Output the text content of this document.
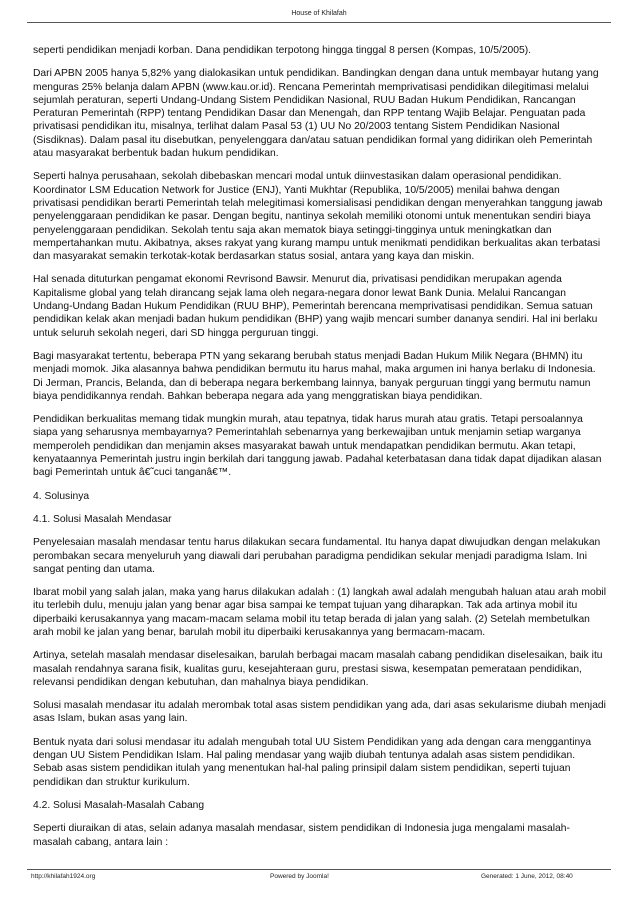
House of Khilafah

seperti pendidikan menjadi korban. Dana pendidikan terpotong hingga tinggal 8 persen (Kompas, 10/5/2005).

Dari APBN 2005 hanya 5,82% yang dialokasikan untuk pendidikan. Bandingkan dengan dana untuk membayar hutang yang menguras 25% belanja dalam APBN (www.kau.or.id). Rencana Pemerintah memprivatisasi pendidikan dilegitimasi melalui sejumlah peraturan, seperti Undang-Undang Sistem Pendidikan Nasional, RUU Badan Hukum Pendidikan, Rancangan Peraturan Pemerintah (RPP) tentang Pendidikan Dasar dan Menengah, dan RPP tentang Wajib Belajar. Penguatan pada privatisasi pendidikan itu, misalnya, terlihat dalam Pasal 53 (1) UU No 20/2003 tentang Sistem Pendidikan Nasional (Sisdiknas). Dalam pasal itu disebutkan, penyelenggara dan/atau satuan pendidikan formal yang didirikan oleh Pemerintah atau masyarakat berbentuk badan hukum pendidikan.

Seperti halnya perusahaan, sekolah dibebaskan mencari modal untuk diinvestasikan dalam operasional pendidikan. Koordinator LSM Education Network for Justice (ENJ), Yanti Mukhtar (Republika, 10/5/2005) menilai bahwa dengan privatisasi pendidikan berarti Pemerintah telah melegitimasi komersialisasi pendidikan dengan menyerahkan tanggung jawab penyelenggaraan pendidikan ke pasar. Dengan begitu, nantinya sekolah memiliki otonomi untuk menentukan sendiri biaya penyelenggaraan pendidikan. Sekolah tentu saja akan mematok biaya setinggi-tingginya untuk meningkatkan dan mempertahankan mutu. Akibatnya, akses rakyat yang kurang mampu untuk menikmati pendidikan berkualitas akan terbatasi dan masyarakat semakin terkotak-kotak berdasarkan status sosial, antara yang kaya dan miskin.

Hal senada dituturkan pengamat ekonomi Revrisond Bawsir. Menurut dia, privatisasi pendidikan merupakan agenda Kapitalisme global yang telah dirancang sejak lama oleh negara-negara donor lewat Bank Dunia. Melalui Rancangan Undang-Undang Badan Hukum Pendidikan (RUU BHP), Pemerintah berencana memprivatisasi pendidikan. Semua satuan pendidikan kelak akan menjadi badan hukum pendidikan (BHP) yang wajib mencari sumber dananya sendiri. Hal ini berlaku untuk seluruh sekolah negeri, dari SD hingga perguruan tinggi.

Bagi masyarakat tertentu, beberapa PTN yang sekarang berubah status menjadi Badan Hukum Milik Negara (BHMN) itu menjadi momok. Jika alasannya bahwa pendidikan bermutu itu harus mahal, maka argumen ini hanya berlaku di Indonesia. Di Jerman, Prancis, Belanda, dan di beberapa negara berkembang lainnya, banyak perguruan tinggi yang bermutu namun biaya pendidikannya rendah. Bahkan beberapa negara ada yang menggratiskan biaya pendidikan.

Pendidikan berkualitas memang tidak mungkin murah, atau tepatnya, tidak harus murah atau gratis. Tetapi persoalannya siapa yang seharusnya membayarnya? Pemerintahlah sebenarnya yang berkewajiban untuk menjamin setiap warganya memperoleh pendidikan dan menjamin akses masyarakat bawah untuk mendapatkan pendidikan bermutu. Akan tetapi, kenyataannya Pemerintah justru ingin berkilah dari tanggung jawab. Padahal keterbatasan dana tidak dapat dijadikan alasan bagi Pemerintah untuk â€˜cuci tanganâ€™.

4. Solusinya

4.1. Solusi Masalah Mendasar

Penyelesaian masalah mendasar tentu harus dilakukan secara fundamental. Itu hanya dapat diwujudkan dengan melakukan perombakan secara menyeluruh yang diawali dari perubahan paradigma pendidikan sekular menjadi paradigma Islam. Ini sangat penting dan utama.

Ibarat mobil yang salah jalan, maka yang harus dilakukan adalah : (1) langkah awal adalah mengubah haluan atau arah mobil itu terlebih dulu, menuju jalan yang benar agar bisa sampai ke tempat tujuan yang diharapkan. Tak ada artinya mobil itu diperbaiki kerusakannya yang macam-macam selama mobil itu tetap berada di jalan yang salah. (2) Setelah membetulkan arah mobil ke jalan yang benar, barulah mobil itu diperbaiki kerusakannya yang bermacam-macam.

Artinya, setelah masalah mendasar diselesaikan, barulah berbagai macam masalah cabang pendidikan diselesaikan, baik itu masalah rendahnya sarana fisik, kualitas guru, kesejahteraan guru, prestasi siswa, kesempatan pemerataan pendidikan, relevansi pendidikan dengan kebutuhan, dan mahalnya biaya pendidikan.

Solusi masalah mendasar itu adalah merombak total asas sistem pendidikan yang ada, dari asas sekularisme diubah menjadi asas Islam, bukan asas yang lain.

Bentuk nyata dari solusi mendasar itu adalah mengubah total UU Sistem Pendidikan yang ada dengan cara menggantinya dengan UU Sistem Pendidikan Islam. Hal paling mendasar yang wajib diubah tentunya adalah asas sistem pendidikan. Sebab asas sistem pendidikan itulah yang menentukan hal-hal paling prinsipil dalam sistem pendidikan, seperti tujuan pendidikan dan struktur kurikulum.

4.2. Solusi Masalah-Masalah Cabang

Seperti diuraikan di atas, selain adanya masalah mendasar, sistem pendidikan di Indonesia juga mengalami masalah-masalah cabang, antara lain :

http://khilafah1924.org	Powered by Joomla!	Generated: 1 June, 2012, 08:40
